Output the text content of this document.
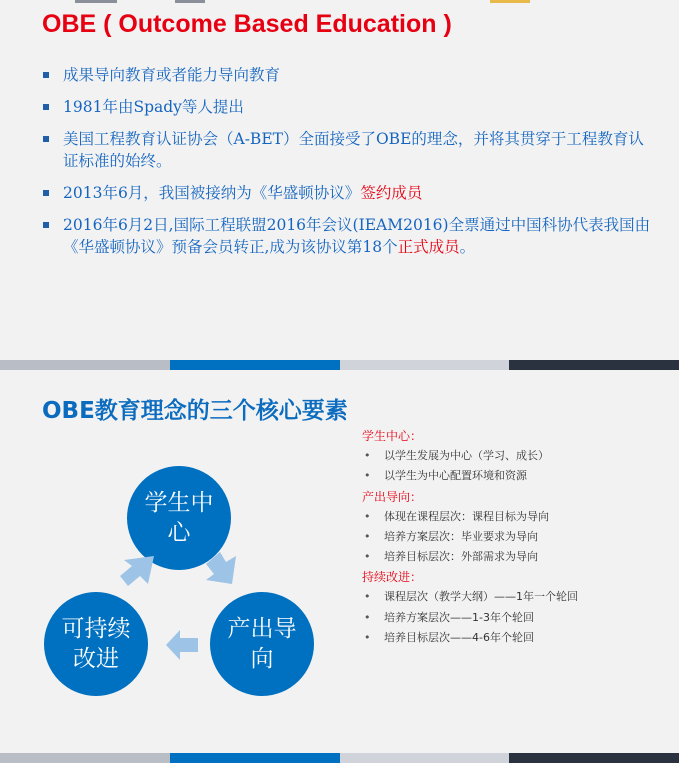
OBE ( Outcome Based Education )
成果导向教育或者能力导向教育
1981年由Spady等人提出
美国工程教育认证协会（A-BET）全面接受了OBE的理念，并将其贯穿于工程教育认证标准的始终。
2013年6月，我国被接纳为《华盛顿协议》签约成员
2016年6月2日,国际工程联盟2016年会议(IEAM2016)全票通过中国科协代表我国由《华盛顿协议》预备会员转正,成为该协议第18个正式成员。
OBE教育理念的三个核心要素
学生中心
产出导向
可持续改进
学生中心：
• 以学生发展为中心（学习、成长）
• 以学生为中心配置环境和资源
产出导向：
• 体现在课程层次：课程目标为导向
• 培养方案层次：毕业要求为导向
• 培养目标层次：外部需求为导向
持续改进：
• 课程层次（教学大纲）——1年一个轮回
• 培养方案层次——1-3年个轮回
• 培养目标层次——4-6年个轮回
